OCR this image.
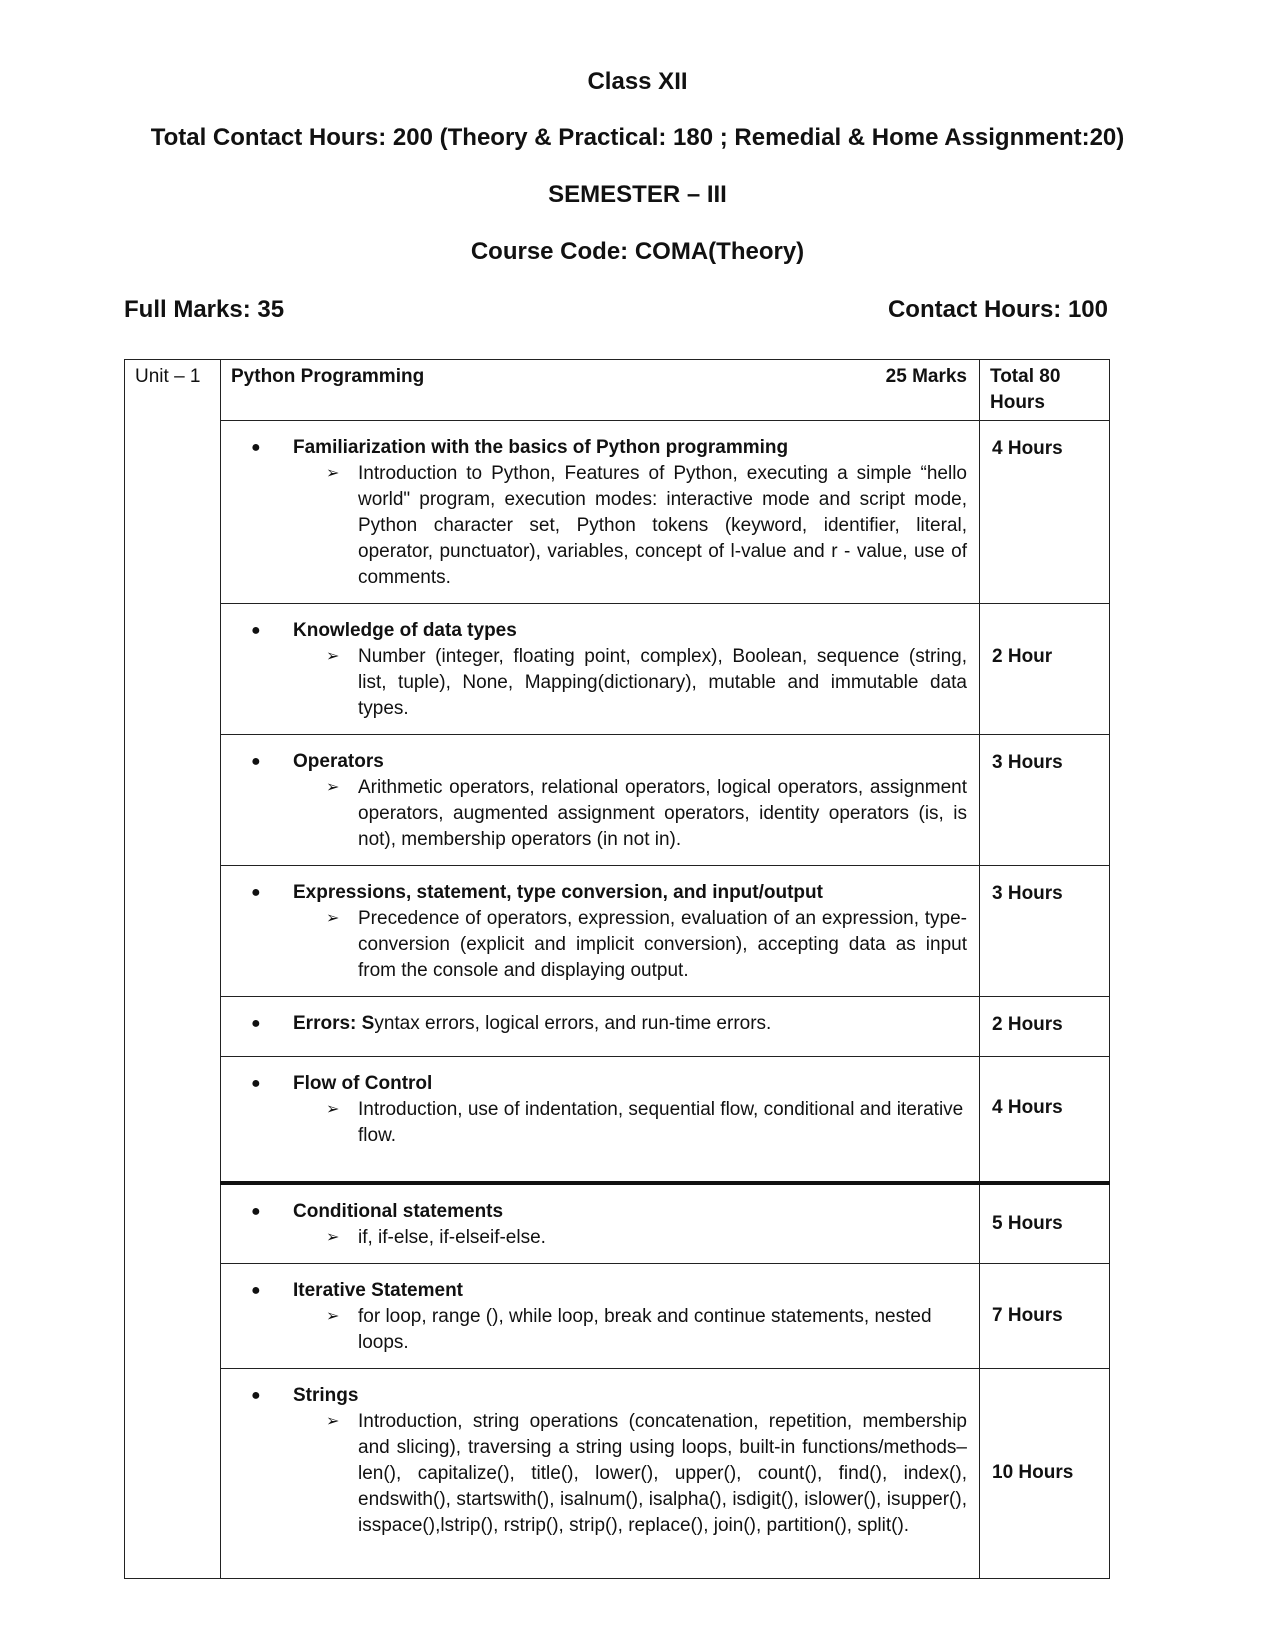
Class XII
Total Contact Hours: 200 (Theory & Practical: 180 ; Remedial & Home Assignment:20)
SEMESTER – III
Course Code: COMA(Theory)
Full Marks: 35	Contact Hours: 100
Unit – 1	Python Programming 25 Marks	Total 80 Hours

	● Familiarization with the basics of Python programming
➢ Introduction to Python, Features of Python, executing a simple “hello world" program, execution modes: interactive mode and script mode, Python character set, Python tokens (keyword, identifier, literal, operator, punctuator), variables, concept of l-value and r - value, use of comments.	4 Hours

	● Knowledge of data types
➢ Number (integer, floating point, complex), Boolean, sequence (string, list, tuple), None, Mapping(dictionary), mutable and immutable data types.	2 Hour

	● Operators
➢ Arithmetic operators, relational operators, logical operators, assignment operators, augmented assignment operators, identity operators (is, is not), membership operators (in not in).	3 Hours

	● Expressions, statement, type conversion, and input/output
➢ Precedence of operators, expression, evaluation of an expression, type-conversion (explicit and implicit conversion), accepting data as input from the console and displaying output.	3 Hours

	● Errors: Syntax errors, logical errors, and run-time errors.	2 Hours

	● Flow of Control
➢ Introduction, use of indentation, sequential flow, conditional and iterative flow.	4 Hours

	● Conditional statements
➢ if, if-else, if-elseif-else.	5 Hours

	● Iterative Statement
➢ for loop, range (), while loop, break and continue statements, nested loops.	7 Hours

	● Strings
➢ Introduction, string operations (concatenation, repetition, membership and slicing), traversing a string using loops, built-in functions/methods–len(), capitalize(), title(), lower(), upper(), count(), find(), index(), endswith(), startswith(), isalnum(), isalpha(), isdigit(), islower(), isupper(), isspace(),lstrip(), rstrip(), strip(), replace(), join(), partition(), split().	10 Hours
